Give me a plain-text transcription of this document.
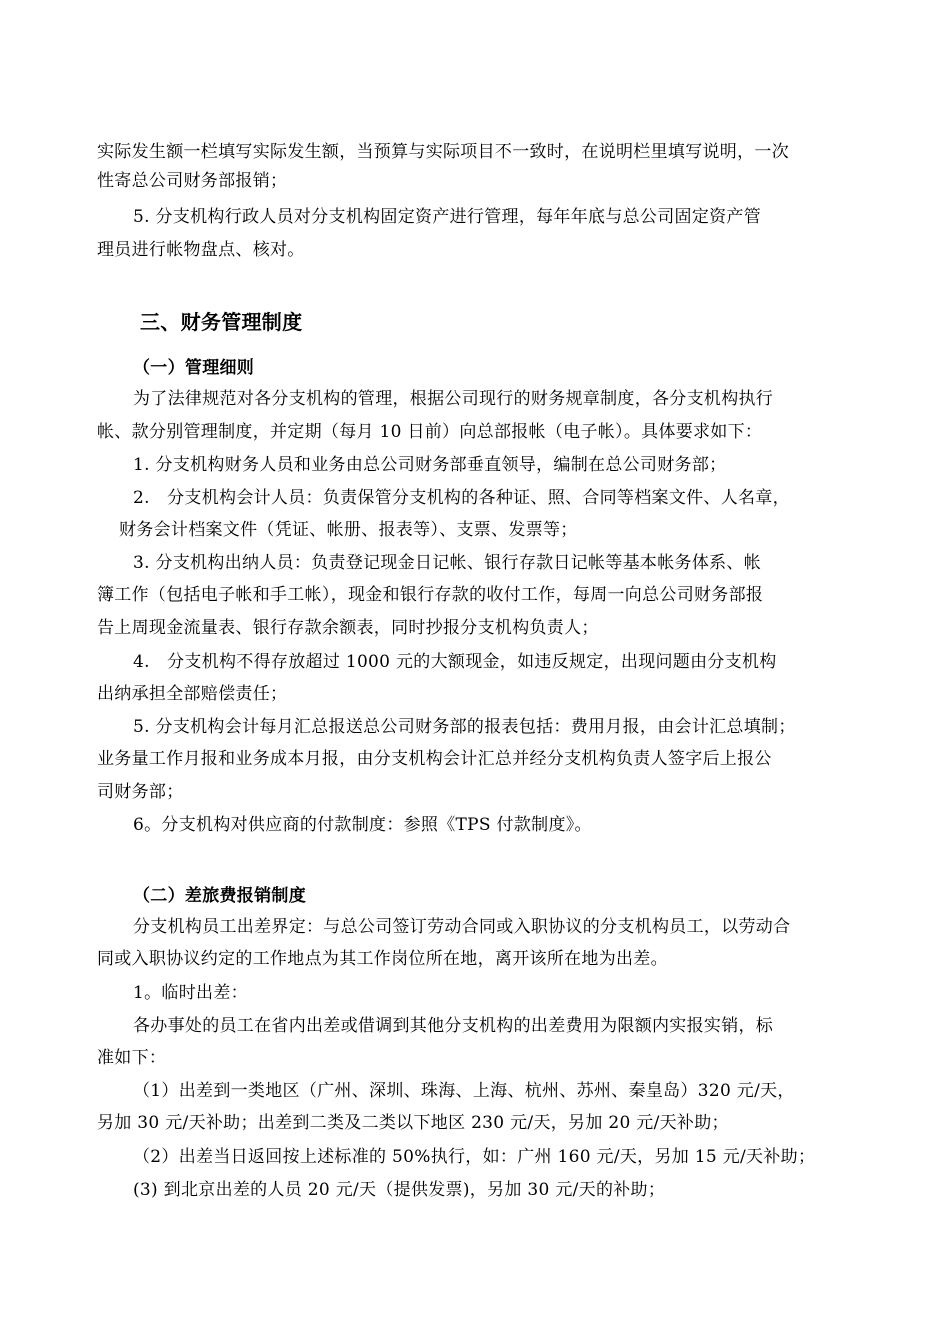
实际发生额一栏填写实际发生额，当预算与实际项目不一致时，在说明栏里填写说明，一次

性寄总公司财务部报销；

5. 分支机构行政人员对分支机构固定资产进行管理，每年年底与总公司固定资产管

理员进行帐物盘点、核对。

三、财务管理制度

（一）管理细则

为了法律规范对各分支机构的管理，根据公司现行的财务规章制度，各分支机构执行

帐、款分别管理制度，并定期（每月 10 日前）向总部报帐（电子帐）。具体要求如下：

1. 分支机构财务人员和业务由总公司财务部垂直领导，编制在总公司财务部；

2.　分支机构会计人员：负责保管分支机构的各种证、照、合同等档案文件、人名章，

财务会计档案文件（凭证、帐册、报表等）、支票、发票等；

3. 分支机构出纳人员：负责登记现金日记帐、银行存款日记帐等基本帐务体系、帐

簿工作（包括电子帐和手工帐），现金和银行存款的收付工作，每周一向总公司财务部报

告上周现金流量表、银行存款余额表，同时抄报分支机构负责人；

4.　分支机构不得存放超过 1000 元的大额现金，如违反规定，出现问题由分支机构

出纳承担全部赔偿责任；

5. 分支机构会计每月汇总报送总公司财务部的报表包括：费用月报，由会计汇总填制；

业务量工作月报和业务成本月报，由分支机构会计汇总并经分支机构负责人签字后上报公

司财务部；

6。分支机构对供应商的付款制度：参照《TPS 付款制度》。

（二）差旅费报销制度

分支机构员工出差界定：与总公司签订劳动合同或入职协议的分支机构员工，以劳动合

同或入职协议约定的工作地点为其工作岗位所在地，离开该所在地为出差。

1。临时出差：

各办事处的员工在省内出差或借调到其他分支机构的出差费用为限额内实报实销，标

准如下：

（1）出差到一类地区（广州、深圳、珠海、上海、杭州、苏州、秦皇岛）320 元/天，

另加 30 元/天补助；出差到二类及二类以下地区 230 元/天，另加 20 元/天补助；

（2）出差当日返回按上述标准的 50%执行，如：广州 160 元/天，另加 15 元/天补助；

(3) 到北京出差的人员 20 元/天（提供发票)，另加 30 元/天的补助；
